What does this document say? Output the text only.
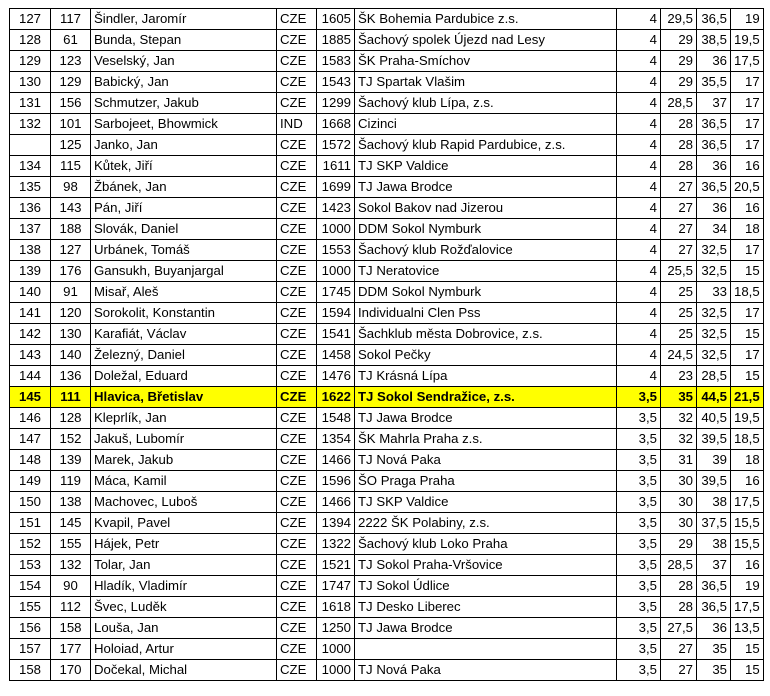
127	117	Šindler, Jaromír	CZE	1605	ŠK Bohemia Pardubice z.s.	4	29,5	36,5	19
128	61	Bunda, Stepan	CZE	1885	Šachový spolek Újezd nad Lesy	4	29	38,5	19,5
129	123	Veselský, Jan	CZE	1583	ŠK Praha-Smíchov	4	29	36	17,5
130	129	Babický, Jan	CZE	1543	TJ Spartak Vlašim	4	29	35,5	17
131	156	Schmutzer, Jakub	CZE	1299	Šachový klub Lípa, z.s.	4	28,5	37	17
132	101	Sarbojeet, Bhowmick	IND	1668	Cizinci	4	28	36,5	17
	125	Janko, Jan	CZE	1572	Šachový klub Rapid Pardubice, z.s.	4	28	36,5	17
134	115	Kůtek, Jiří	CZE	1611	TJ SKP Valdice	4	28	36	16
135	98	Žbánek, Jan	CZE	1699	TJ Jawa Brodce	4	27	36,5	20,5
136	143	Pán, Jiří	CZE	1423	Sokol Bakov nad Jizerou	4	27	36	16
137	188	Slovák, Daniel	CZE	1000	DDM Sokol Nymburk	4	27	34	18
138	127	Urbánek, Tomáš	CZE	1553	Šachový klub Rožďalovice	4	27	32,5	17
139	176	Gansukh, Buyanjargal	CZE	1000	TJ Neratovice	4	25,5	32,5	15
140	91	Misař, Aleš	CZE	1745	DDM Sokol Nymburk	4	25	33	18,5
141	120	Sorokolit, Konstantin	CZE	1594	Individualni Clen Pss	4	25	32,5	17
142	130	Karafiát, Václav	CZE	1541	Šachklub města Dobrovice, z.s.	4	25	32,5	15
143	140	Železný, Daniel	CZE	1458	Sokol Pečky	4	24,5	32,5	17
144	136	Doležal, Eduard	CZE	1476	TJ Krásná Lípa	4	23	28,5	15
145	111	Hlavica, Břetislav	CZE	1622	TJ Sokol Sendražice, z.s.	3,5	35	44,5	21,5
146	128	Kleprlík, Jan	CZE	1548	TJ Jawa Brodce	3,5	32	40,5	19,5
147	152	Jakuš, Lubomír	CZE	1354	ŠK Mahrla Praha z.s.	3,5	32	39,5	18,5
148	139	Marek, Jakub	CZE	1466	TJ Nová Paka	3,5	31	39	18
149	119	Máca, Kamil	CZE	1596	ŠO Praga Praha	3,5	30	39,5	16
150	138	Machovec, Luboš	CZE	1466	TJ SKP Valdice	3,5	30	38	17,5
151	145	Kvapil, Pavel	CZE	1394	2222 ŠK Polabiny, z.s.	3,5	30	37,5	15,5
152	155	Hájek, Petr	CZE	1322	Šachový klub Loko Praha	3,5	29	38	15,5
153	132	Tolar, Jan	CZE	1521	TJ Sokol Praha-Vršovice	3,5	28,5	37	16
154	90	Hladík, Vladimír	CZE	1747	TJ Sokol Údlice	3,5	28	36,5	19
155	112	Švec, Luděk	CZE	1618	TJ Desko Liberec	3,5	28	36,5	17,5
156	158	Louša, Jan	CZE	1250	TJ Jawa Brodce	3,5	27,5	36	13,5
157	177	Holoiad, Artur	CZE	1000		3,5	27	35	15
158	170	Dočekal, Michal	CZE	1000	TJ Nová Paka	3,5	27	35	15
